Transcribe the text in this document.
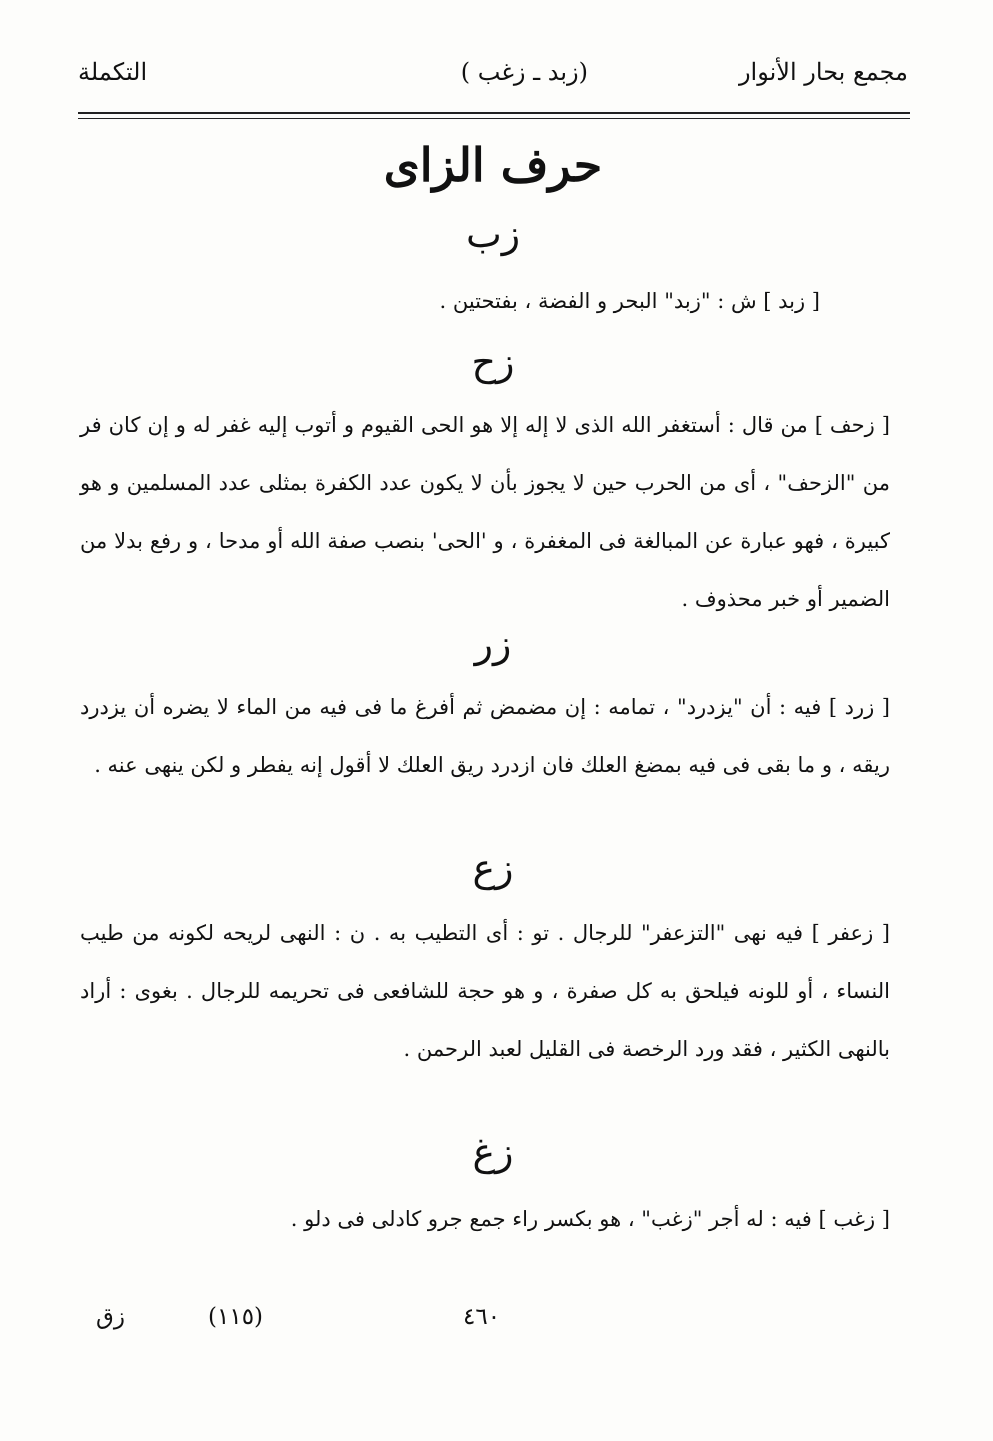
مجمع بحار الأنوار
(زبد ـ زغب )
التكملة
حرف الزاى
زب
[ زبد ] ش : "زبد" البحر و الفضة ، بفتحتين .
زح
[ زحف ] من قال : أستغفر الله الذى لا إله إلا هو الحى القيوم و أتوب إليه غفر له و إن كان فر من "الزحف" ، أى من الحرب حين لا يجوز بأن لا يكون عدد الكفرة بمثلى عدد المسلمين و هو كبيرة ، فهو عبارة عن المبالغة فى المغفرة ، و 'الحى' بنصب صفة الله أو مدحا ، و رفع بدلا من الضمير أو خبر محذوف .
زر
[ زرد ] فيه : أن "يزدرد" ، تمامه : إن مضمض ثم أفرغ ما فى فيه من الماء لا يضره أن يزدرد ريقه ، و ما بقى فى فيه بمضغ العلك فان ازدرد ريق العلك لا أقول إنه يفطر و لكن ينهى عنه .
زع
[ زعفر ] فيه نهى "التزعفر" للرجال . تو : أى التطيب به . ن : النهى لريحه لكونه من طيب النساء ، أو للونه فيلحق به كل صفرة ، و هو حجة للشافعى فى تحريمه للرجال . بغوى : أراد بالنهى الكثير ، فقد ورد الرخصة فى القليل لعبد الرحمن .
زغ
[ زغب ] فيه : له أجر "زغب" ، هو بكسر راء جمع جرو كادلى فى دلو .
٤٦٠
(١١٥)
زق
